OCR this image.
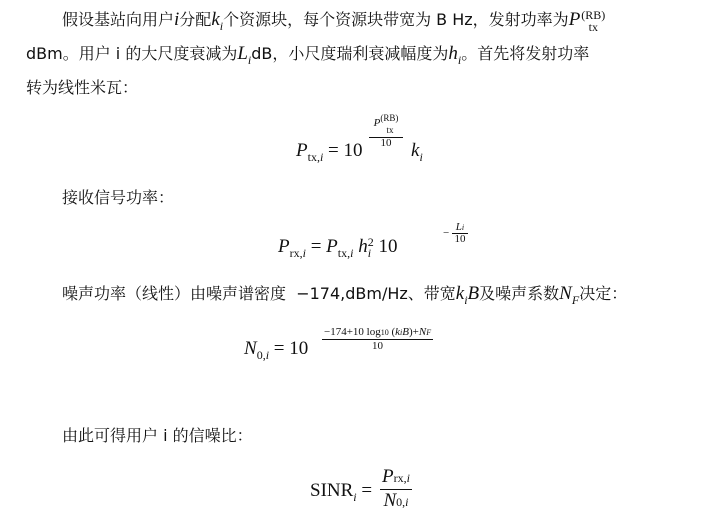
假设基站向用户i分配$k_i$个资源块，每个资源块带宽为 B Hz，发射功率为P (RB)
tx
dBm。用户 i 的大尺度衰减为$L_idB$，小尺度瑞利衰减幅度为$h_i$。首先将发射功率
转为线性米瓦：
$P_{tx,i} = 10$
$P^{(RB)}$
tx
10	$k_i$
接收信号功率：
$P_{rx,i} = P_{tx,i}$ h 2
i 10
− $\frac{Li}{10}$
噪声功率（线性）由噪声谱密度 −174,dBm/Hz、带宽$k_iB$及噪声系数$N_F$决定：
$N_{0,i} = 10$
−174+10 log10 (kiB)+NF
10
由此可得用户 i 的信噪比：
$SINR_i$ =
Prx,i
N0,i
